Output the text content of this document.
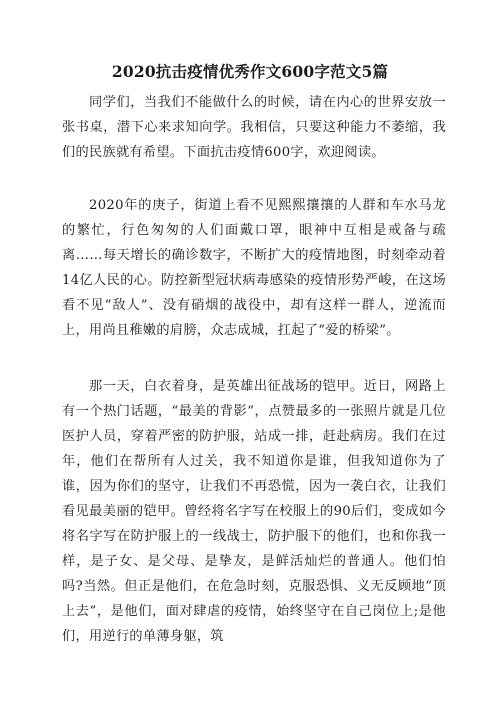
2020抗击疫情优秀作文600字范文5篇

同学们，当我们不能做什么的时候，请在内心的世界安放一张书桌，潜下心来求知向学。我相信，只要这种能力不萎缩，我们的民族就有希望。下面抗击疫情600字，欢迎阅读。

2020年的庚子，街道上看不见熙熙攘攘的人群和车水马龙的繁忙，行色匆匆的人们面戴口罩，眼神中互相是戒备与疏离……每天增长的确诊数字，不断扩大的疫情地图，时刻牵动着14亿人民的心。防控新型冠状病毒感染的疫情形势严峻，在这场看不见“敌人”、没有硝烟的战役中，却有这样一群人，逆流而上，用尚且稚嫩的肩膀，众志成城，扛起了“爱的桥梁”。

那一天，白衣着身，是英雄出征战场的铠甲。近日，网路上有一个热门话题，“最美的背影”，点赞最多的一张照片就是几位医护人员，穿着严密的防护服，站成一排，赶赴病房。我们在过年，他们在帮所有人过关，我不知道你是谁，但我知道你为了谁，因为你们的坚守，让我们不再恐慌，因为一袭白衣，让我们看见最美丽的铠甲。曾经将名字写在校服上的90后们，变成如今将名字写在防护服上的一线战士，防护服下的他们，也和你我一样，是子女、是父母、是挚友，是鲜活灿烂的普通人。他们怕吗?当然。但正是他们，在危急时刻，克服恐惧、义无反顾地“顶上去”，是他们，面对肆虐的疫情，始终坚守在自己岗位上;是他们，用逆行的单薄身躯，筑
